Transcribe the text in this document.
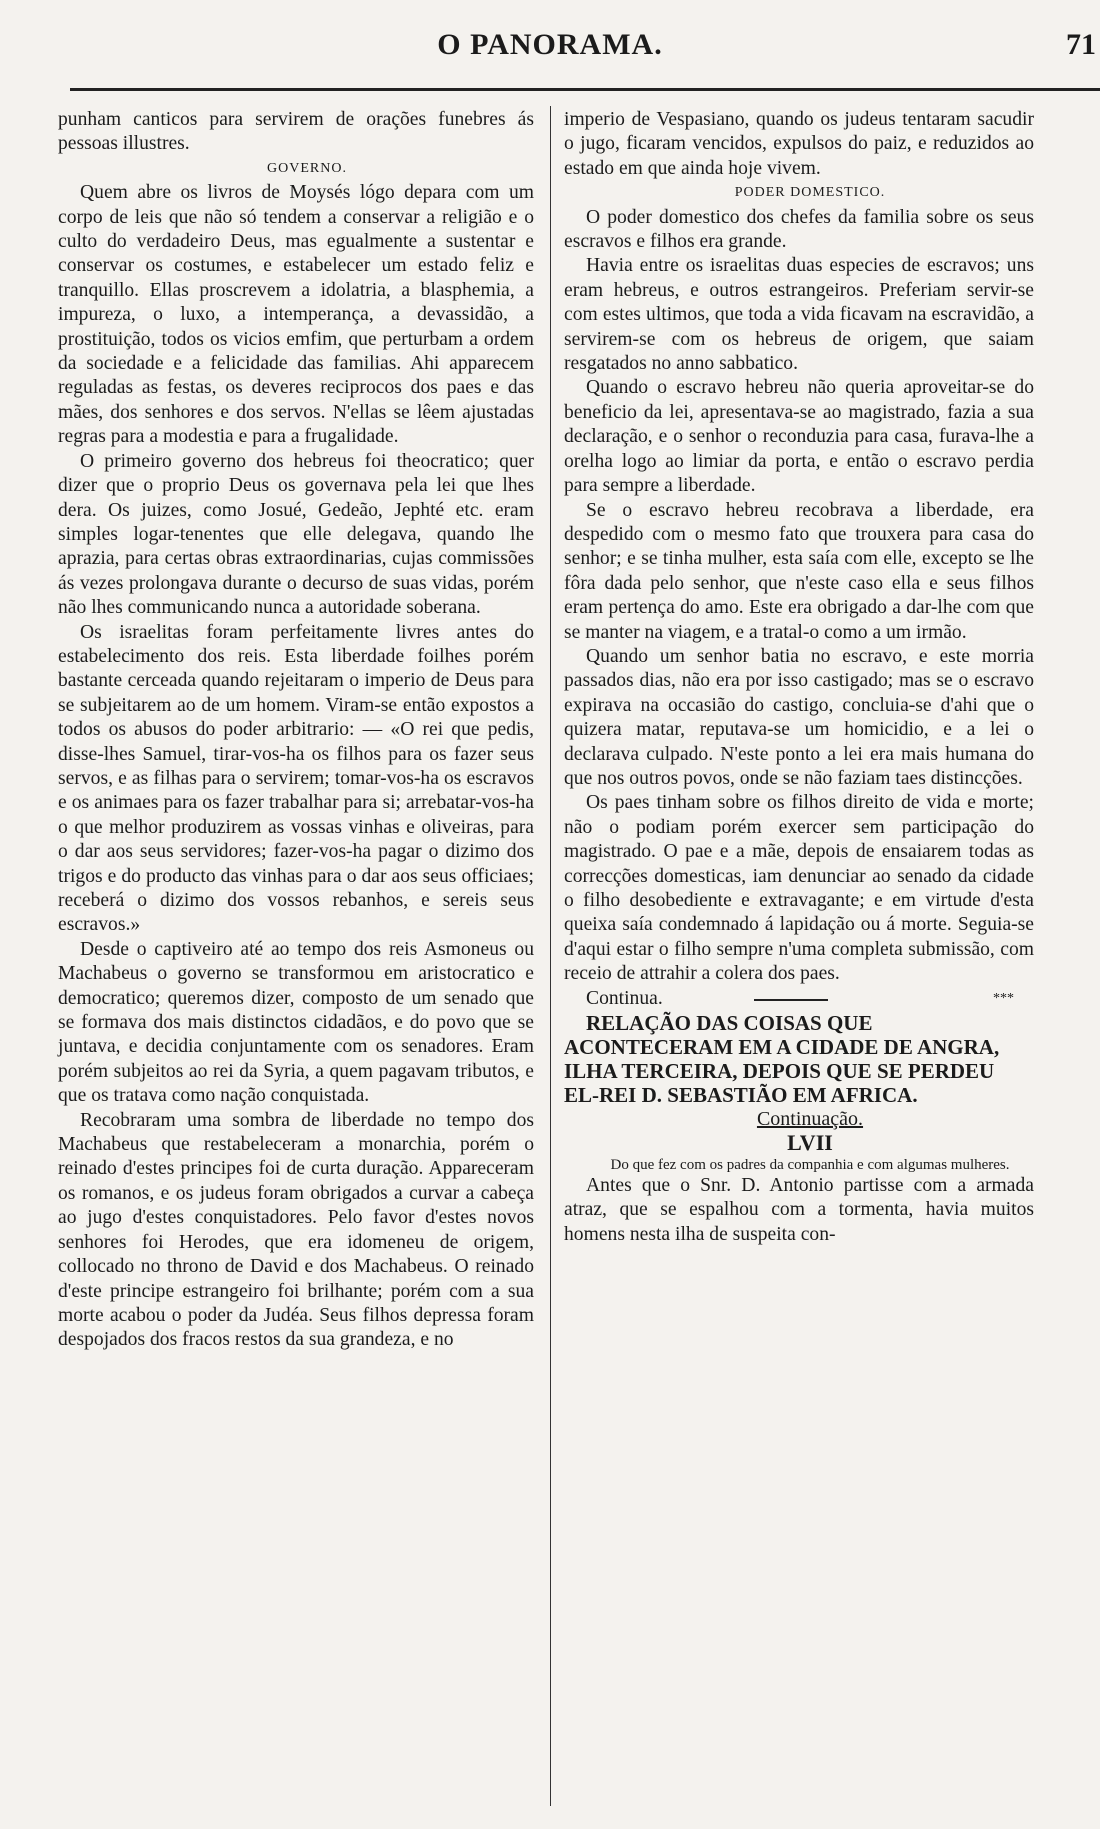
O PANORAMA.	71

punham canticos para servirem de orações funebres ás pessoas illustres.

GOVERNO.

Quem abre os livros de Moysés lógo depara com um corpo de leis que não só tendem a conservar a religião e o culto do verdadeiro Deus, mas egualmente a sustentar e conservar os costumes, e estabelecer um estado feliz e tranquillo. Ellas proscrevem a idolatria, a blasphemia, a impureza, o luxo, a intemperança, a devassidão, a prostituição, todos os vicios emfim, que perturbam a ordem da sociedade e a felicidade das familias. Ahi apparecem reguladas as festas, os deveres reciprocos dos paes e das mães, dos senhores e dos servos. N'ellas se lêem ajustadas regras para a modestia e para a frugalidade.

O primeiro governo dos hebreus foi theocratico; quer dizer que o proprio Deus os governava pela lei que lhes dera. Os juizes, como Josué, Gedeão, Jephté etc. eram simples logar-tenentes que elle delegava, quando lhe aprazia, para certas obras extraordinarias, cujas commissões ás vezes prolongava durante o decurso de suas vidas, porém não lhes communicando nunca a autoridade soberana.

Os israelitas foram perfeitamente livres antes do estabelecimento dos reis. Esta liberdade foilhes porém bastante cerceada quando rejeitaram o imperio de Deus para se subjeitarem ao de um homem. Viram-se então expostos a todos os abusos do poder arbitrario: — «O rei que pedis, disse-lhes Samuel, tirar-vos-ha os filhos para os fazer seus servos, e as filhas para o servirem; tomar-vos-ha os escravos e os animaes para os fazer trabalhar para si; arrebatar-vos-ha o que melhor produzirem as vossas vinhas e oliveiras, para o dar aos seus servidores; fazer-vos-ha pagar o dizimo dos trigos e do producto das vinhas para o dar aos seus officiaes; receberá o dizimo dos vossos rebanhos, e sereis seus escravos.»

Desde o captiveiro até ao tempo dos reis Asmoneus ou Machabeus o governo se transformou em aristocratico e democratico; queremos dizer, composto de um senado que se formava dos mais distinctos cidadãos, e do povo que se juntava, e decidia conjuntamente com os senadores. Eram porém subjeitos ao rei da Syria, a quem pagavam tributos, e que os tratava como nação conquistada.

Recobraram uma sombra de liberdade no tempo dos Machabeus que restabeleceram a monarchia, porém o reinado d'estes principes foi de curta duração. Appareceram os romanos, e os judeus foram obrigados a curvar a cabeça ao jugo d'estes conquistadores. Pelo favor d'estes novos senhores foi Herodes, que era idomeneu de origem, collocado no throno de David e dos Machabeus. O reinado d'este principe estrangeiro foi brilhante; porém com a sua morte acabou o poder da Judéa. Seus filhos depressa foram despojados dos fracos restos da sua grandeza, e no

imperio de Vespasiano, quando os judeus tentaram sacudir o jugo, ficaram vencidos, expulsos do paiz, e reduzidos ao estado em que ainda hoje vivem.

PODER DOMESTICO.

O poder domestico dos chefes da familia sobre os seus escravos e filhos era grande.

Havia entre os israelitas duas especies de escravos; uns eram hebreus, e outros estrangeiros. Preferiam servir-se com estes ultimos, que toda a vida ficavam na escravidão, a servirem-se com os hebreus de origem, que saiam resgatados no anno sabbatico.

Quando o escravo hebreu não queria aproveitar-se do beneficio da lei, apresentava-se ao magistrado, fazia a sua declaração, e o senhor o reconduzia para casa, furava-lhe a orelha logo ao limiar da porta, e então o escravo perdia para sempre a liberdade.

Se o escravo hebreu recobrava a liberdade, era despedido com o mesmo fato que trouxera para casa do senhor; e se tinha mulher, esta saía com elle, excepto se lhe fôra dada pelo senhor, que n'este caso ella e seus filhos eram pertença do amo. Este era obrigado a dar-lhe com que se manter na viagem, e a tratal-o como a um irmão.

Quando um senhor batia no escravo, e este morria passados dias, não era por isso castigado; mas se o escravo expirava na occasião do castigo, concluia-se d'ahi que o quizera matar, reputava-se um homicidio, e a lei o declarava culpado. N'este ponto a lei era mais humana do que nos outros povos, onde se não faziam taes distincções.

Os paes tinham sobre os filhos direito de vida e morte; não o podiam porém exercer sem participação do magistrado. O pae e a mãe, depois de ensaiarem todas as correcções domesticas, iam denunciar ao senado da cidade o filho desobediente e extravagante; e em virtude d'esta queixa saía condemnado á lapidação ou á morte. Seguia-se d'aqui estar o filho sempre n'uma completa submissão, com receio de attrahir a colera dos paes.

Continua.	***

RELAÇÃO DAS COISAS QUE ACONTECERAM EM A CIDADE DE ANGRA, ILHA TERCEIRA, DEPOIS QUE SE PERDEU EL-REI D. SEBASTIÃO EM AFRICA.

Continuação.

LVII

Do que fez com os padres da companhia e com algumas mulheres.

Antes que o Snr. D. Antonio partisse com a armada atraz, que se espalhou com a tormenta, havia muitos homens nesta ilha de suspeita con-
